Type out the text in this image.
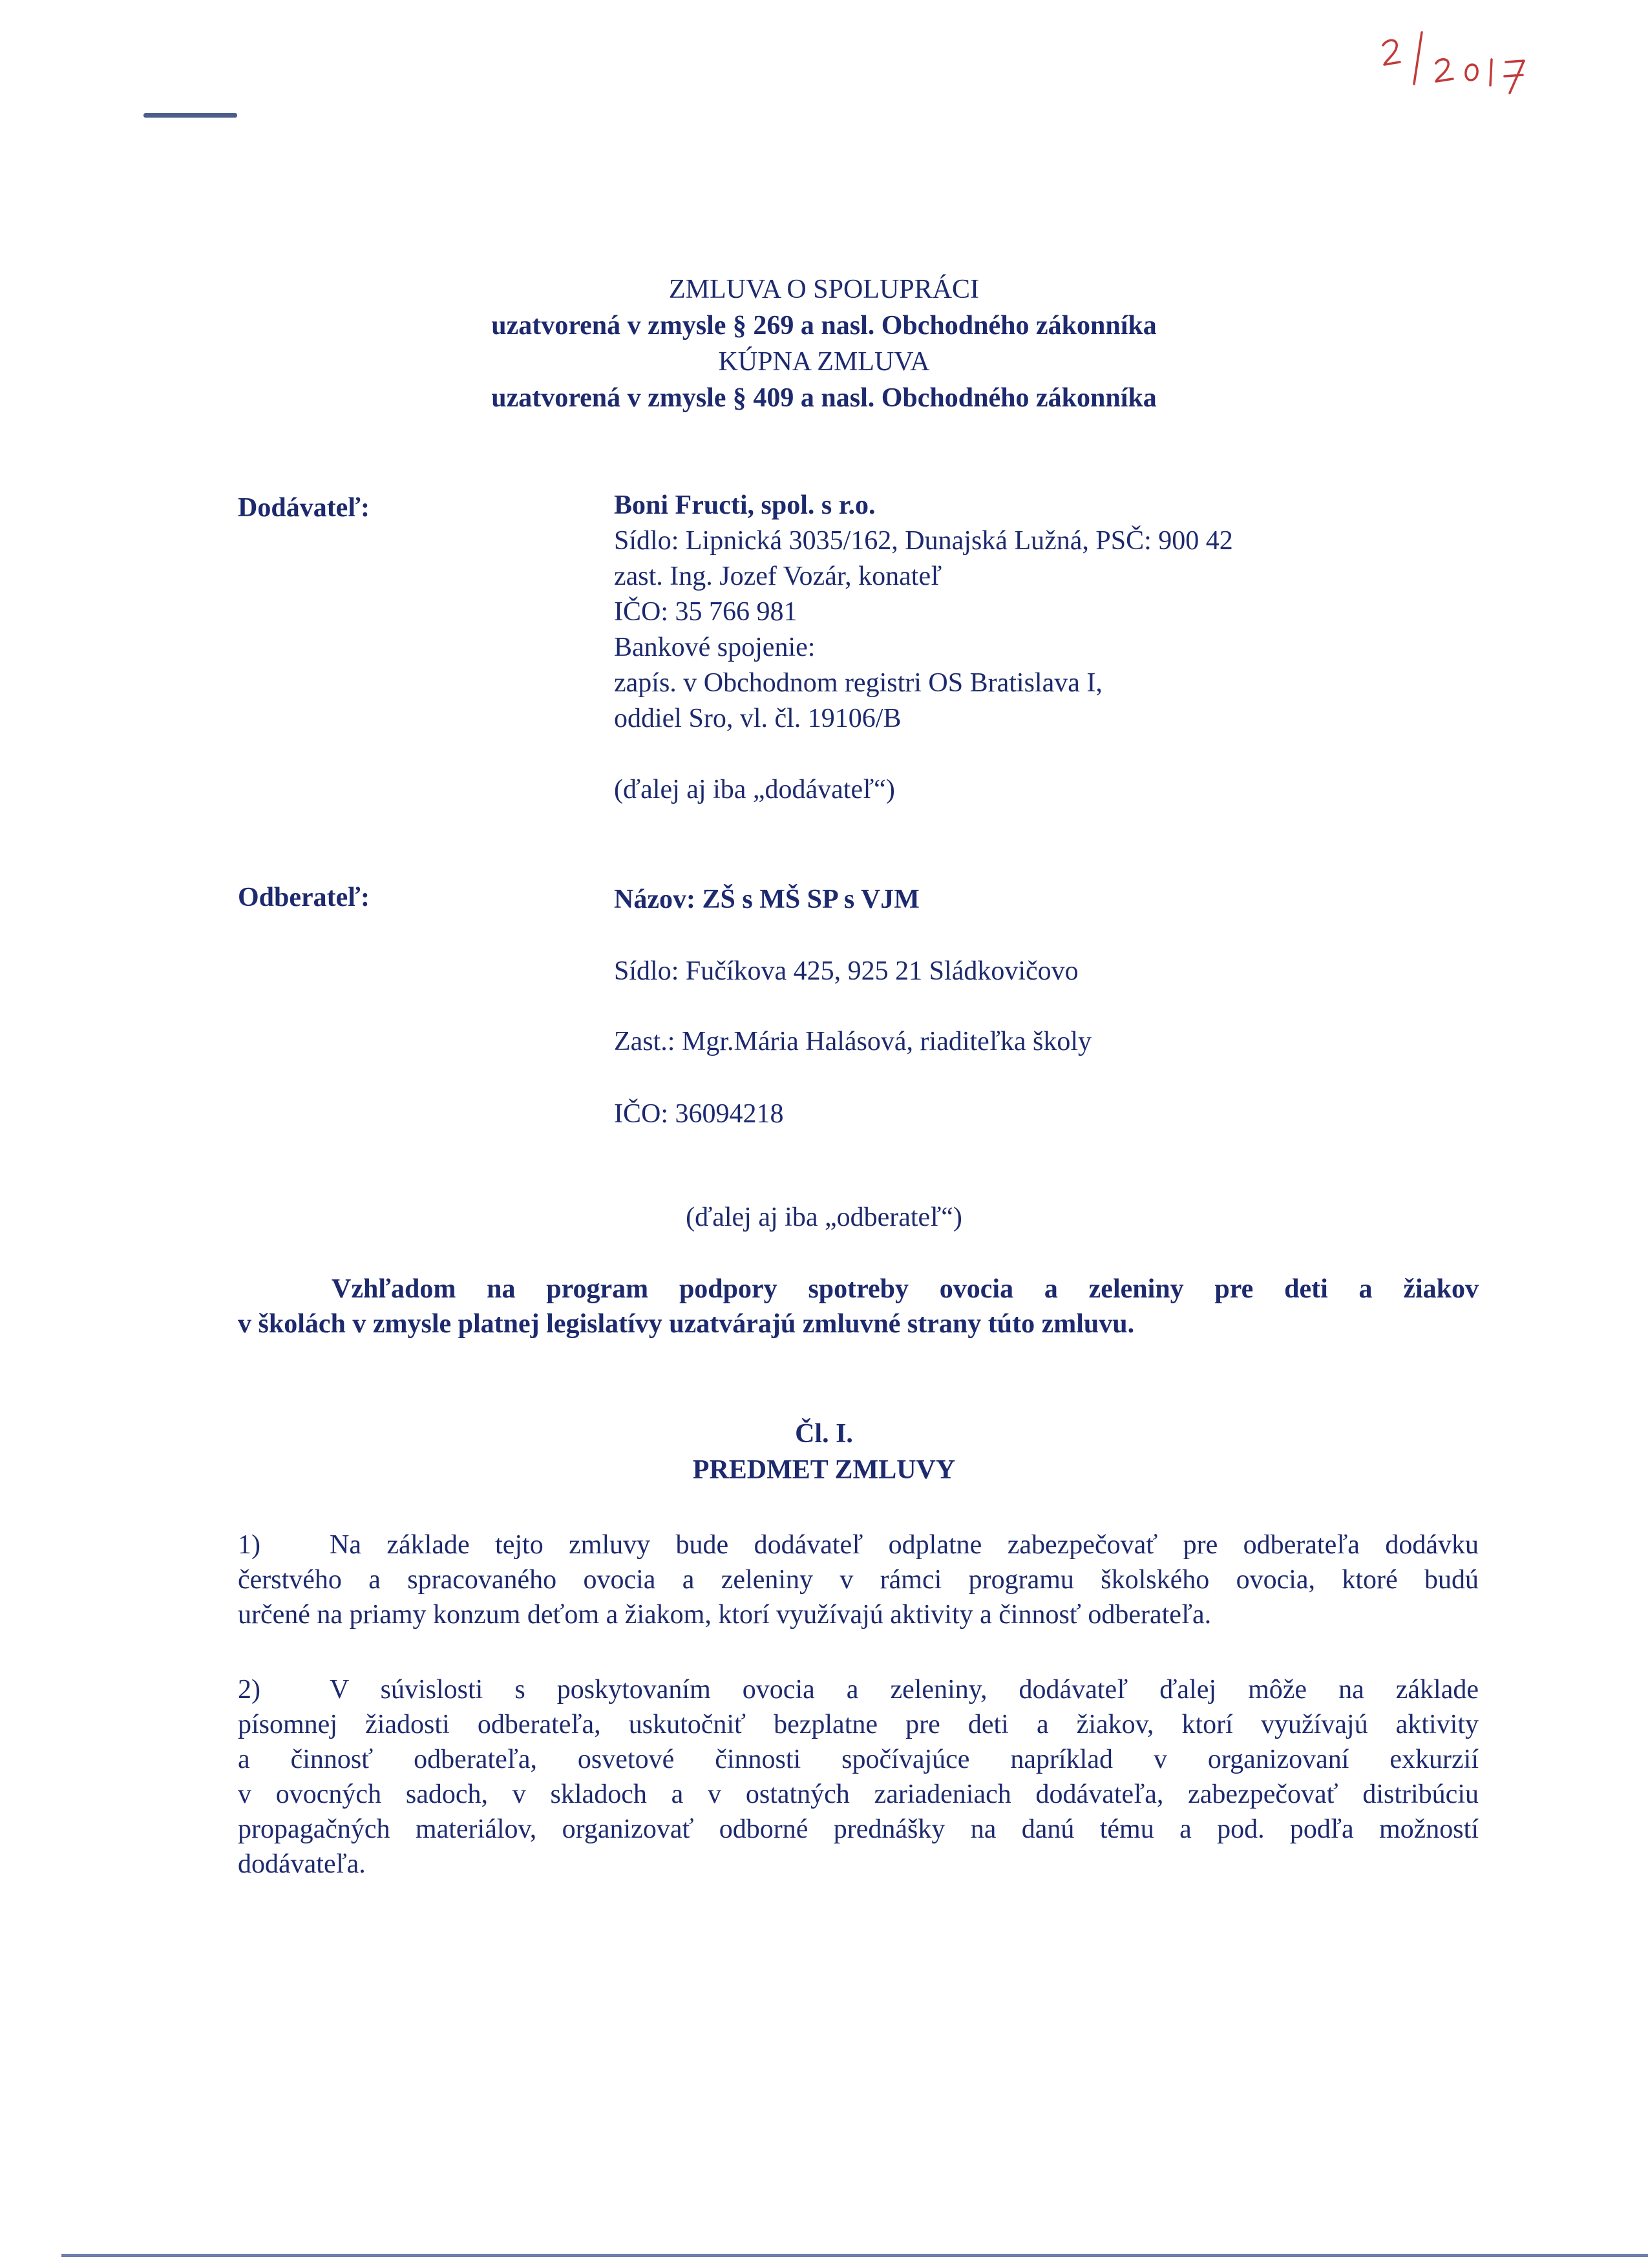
ZMLUVA O SPOLUPRÁCI
uzatvorená v zmysle § 269 a nasl. Obchodného zákonníka
KÚPNA ZMLUVA
uzatvorená v zmysle § 409 a nasl. Obchodného zákonníka
Dodávateľ:	Boni Fructi, spol. s r.o.
Sídlo: Lipnická 3035/162, Dunajská Lužná, PSČ: 900 42
zast. Ing. Jozef Vozár, konateľ
IČO: 35 766 981
Bankové spojenie:
zapís. v Obchodnom registri OS Bratislava I,
oddiel Sro, vl. čl. 19106/B
(ďalej aj iba „dodávateľ“)
Odberateľ:	Názov: ZŠ s MŠ SP s VJM
Sídlo: Fučíkova 425, 925 21 Sládkovičovo
Zast.: Mgr.Mária Halásová, riaditeľka školy
IČO: 36094218
(ďalej aj iba „odberateľ“)
Vzhľadom na program podpory spotreby ovocia a zeleniny pre deti a žiakov
v školách v zmysle platnej legislatívy uzatvárajú zmluvné strany túto zmluvu.
Čl. I.
PREDMET ZMLUVY
1)	Na základe tejto zmluvy bude dodávateľ odplatne zabezpečovať pre odberateľa dodávku
čerstvého a spracovaného ovocia a zeleniny v rámci programu školského ovocia, ktoré budú
určené na priamy konzum deťom a žiakom, ktorí využívajú aktivity a činnosť odberateľa.
2)	V súvislosti s poskytovaním ovocia a zeleniny, dodávateľ ďalej môže na základe
písomnej žiadosti odberateľa, uskutočniť bezplatne pre deti a žiakov, ktorí využívajú aktivity
a činnosť odberateľa, osvetové činnosti spočívajúce napríklad v organizovaní exkurzií
v ovocných sadoch, v skladoch a v ostatných zariadeniach dodávateľa, zabezpečovať distribúciu
propagačných materiálov, organizovať odborné prednášky na danú tému a pod. podľa možností
dodávateľa.
